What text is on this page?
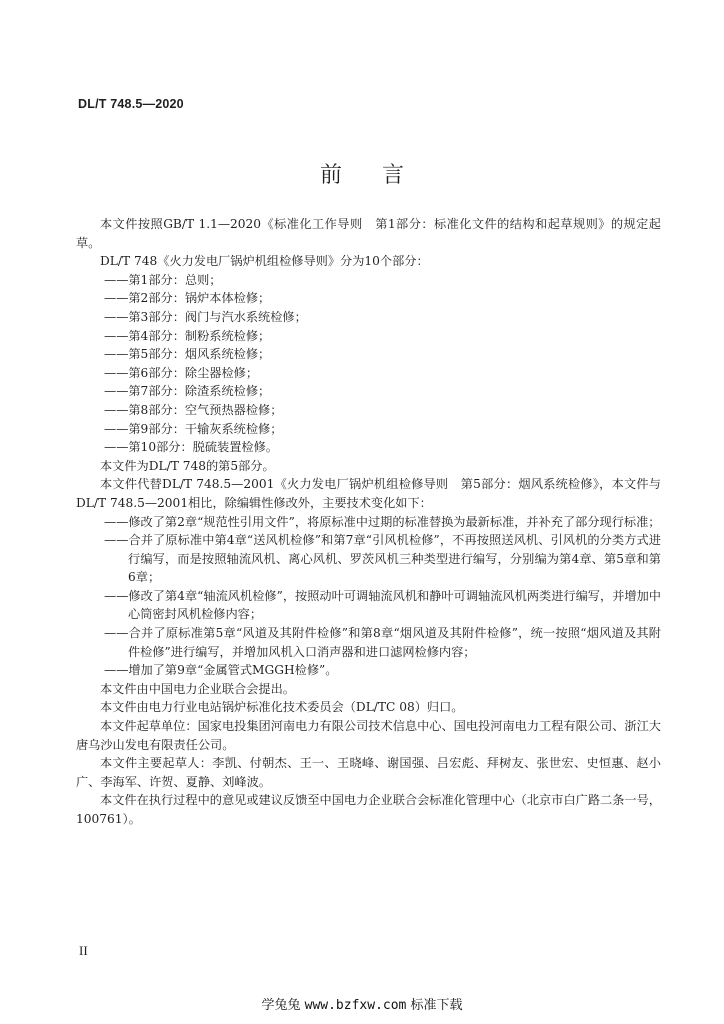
DL/T 748.5—2020
前言

本文件按照GB/T 1.1—2020《标准化工作导则　第1部分：标准化文件的结构和起草规则》的规定起草。

DL/T 748《火力发电厂锅炉机组检修导则》分为10个部分：

——第1部分：总则；
——第2部分：锅炉本体检修；
——第3部分：阀门与汽水系统检修；
——第4部分：制粉系统检修；
——第5部分：烟风系统检修；
——第6部分：除尘器检修；
——第7部分：除渣系统检修；
——第8部分：空气预热器检修；
——第9部分：干输灰系统检修；
——第10部分：脱硫装置检修。

本文件为DL/T 748的第5部分。

本文件代替DL/T 748.5—2001《火力发电厂锅炉机组检修导则　第5部分：烟风系统检修》，本文件与DL/T 748.5—2001相比，除编辑性修改外，主要技术变化如下：

——修改了第2章“规范性引用文件”，将原标准中过期的标准替换为最新标准，并补充了部分现行标准；

——合并了原标准中第4章“送风机检修”和第7章“引风机检修”，不再按照送风机、引风机的分类方式进行编写，而是按照轴流风机、离心风机、罗茨风机三种类型进行编写，分别编为第4章、第5章和第6章；

——修改了第4章“轴流风机检修”，按照动叶可调轴流风机和静叶可调轴流风机两类进行编写，并增加中心筒密封风机检修内容；

——合并了原标准第5章“风道及其附件检修”和第8章“烟风道及其附件检修”，统一按照“烟风道及其附件检修”进行编写，并增加风机入口消声器和进口滤网检修内容；

——增加了第9章“金属管式MGGH检修”。

本文件由中国电力企业联合会提出。

本文件由电力行业电站锅炉标准化技术委员会（DL/TC 08）归口。

本文件起草单位：国家电投集团河南电力有限公司技术信息中心、国电投河南电力工程有限公司、浙江大唐乌沙山发电有限责任公司。

本文件主要起草人：李凯、付朝杰、王一、王晓峰、谢国强、吕宏彪、拜树友、张世宏、史恒惠、赵小广、李海军、许贺、夏静、刘峰波。

本文件在执行过程中的意见或建议反馈至中国电力企业联合会标准化管理中心（北京市白广路二条一号，100761）。

II
学兔兔 www.bzfxw.com 标准下载
